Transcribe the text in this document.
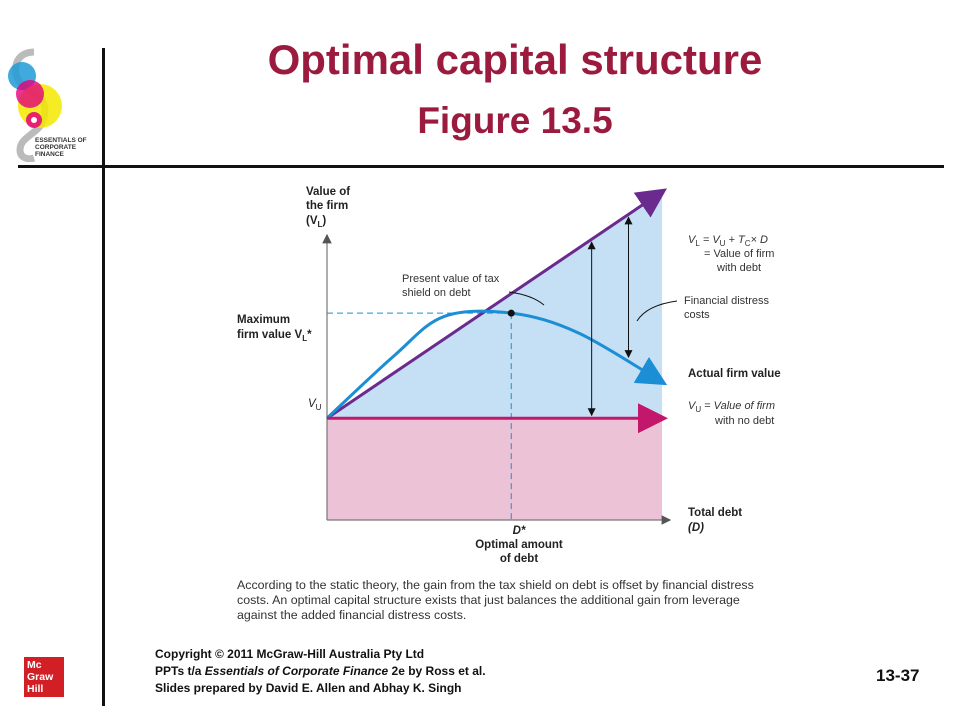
Optimal capital structure
Figure 13.5
ESSENTIALS OF CORPORATE FINANCE
Value of
the firm
$(V_L)$
Maximum
firm value $V_L*$
$V_U$
D*
Optimal amount
of debt
Total debt
(D)
Present value of tax
shield on debt
Financial distress
costs
$V_L = V_U + T_C\times D$
= Value of firm
with debt
Actual firm value
$V_U$ = Value of firm
with no debt
According to the static theory, the gain from the tax shield on debt is offset by financial distress costs. An optimal capital structure exists that just balances the additional gain from leverage against the added financial distress costs.
Mc
Graw
Hill
Copyright © 2011 McGraw-Hill Australia Pty Ltd
PPTs t/a Essentials of Corporate Finance 2e by Ross et al.
Slides prepared by David E. Allen and Abhay K. Singh
13-37
